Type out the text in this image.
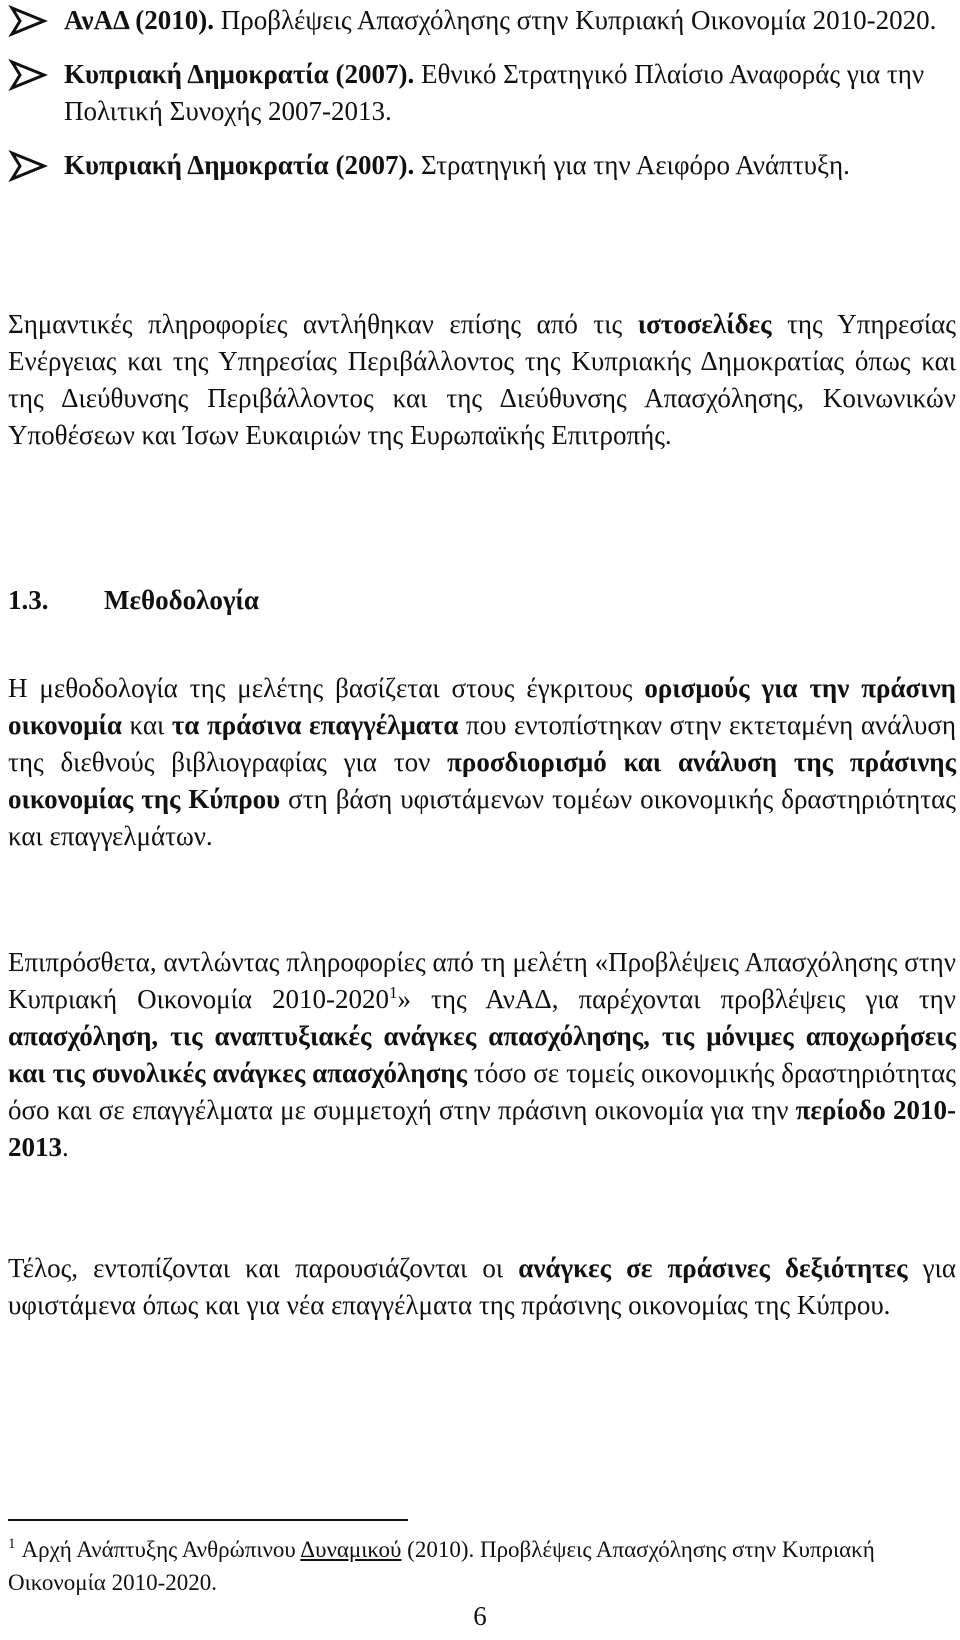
ΑνΑΔ (2010). Προβλέψεις Απασχόλησης στην Κυπριακή Οικονομία 2010-2020.
Κυπριακή Δημοκρατία (2007). Εθνικό Στρατηγικό Πλαίσιο Αναφοράς για την Πολιτική Συνοχής 2007-2013.
Κυπριακή Δημοκρατία (2007). Στρατηγική για την Αειφόρο Ανάπτυξη.

Σημαντικές πληροφορίες αντλήθηκαν επίσης από τις ιστοσελίδες της Υπηρεσίας Ενέργειας και της Υπηρεσίας Περιβάλλοντος της Κυπριακής Δημοκρατίας όπως και της Διεύθυνσης Περιβάλλοντος και της Διεύθυνσης Απασχόλησης, Κοινωνικών Υποθέσεων και Ίσων Ευκαιριών της Ευρωπαϊκής Επιτροπής.

1.3. Μεθοδολογία

Η μεθοδολογία της μελέτης βασίζεται στους έγκριτους ορισμούς για την πράσινη οικονομία και τα πράσινα επαγγέλματα που εντοπίστηκαν στην εκτεταμένη ανάλυση της διεθνούς βιβλιογραφίας για τον προσδιορισμό και ανάλυση της πράσινης οικονομίας της Κύπρου στη βάση υφιστάμενων τομέων οικονομικής δραστηριότητας και επαγγελμάτων.

Επιπρόσθετα, αντλώντας πληροφορίες από τη μελέτη «Προβλέψεις Απασχόλησης στην Κυπριακή Οικονομία 2010-2020$^1$» της ΑνΑΔ, παρέχονται προβλέψεις για την απασχόληση, τις αναπτυξιακές ανάγκες απασχόλησης, τις μόνιμες αποχωρήσεις και τις συνολικές ανάγκες απασχόλησης τόσο σε τομείς οικονομικής δραστηριότητας όσο και σε επαγγέλματα με συμμετοχή στην πράσινη οικονομία για την περίοδο 2010-2013.

Τέλος, εντοπίζονται και παρουσιάζονται οι ανάγκες σε πράσινες δεξιότητες για υφιστάμενα όπως και για νέα επαγγέλματα της πράσινης οικονομίας της Κύπρου.

$^1$ Αρχή Ανάπτυξης Ανθρώπινου Δυναμικού (2010). Προβλέψεις Απασχόλησης στην Κυπριακή Οικονομία 2010-2020.
6
